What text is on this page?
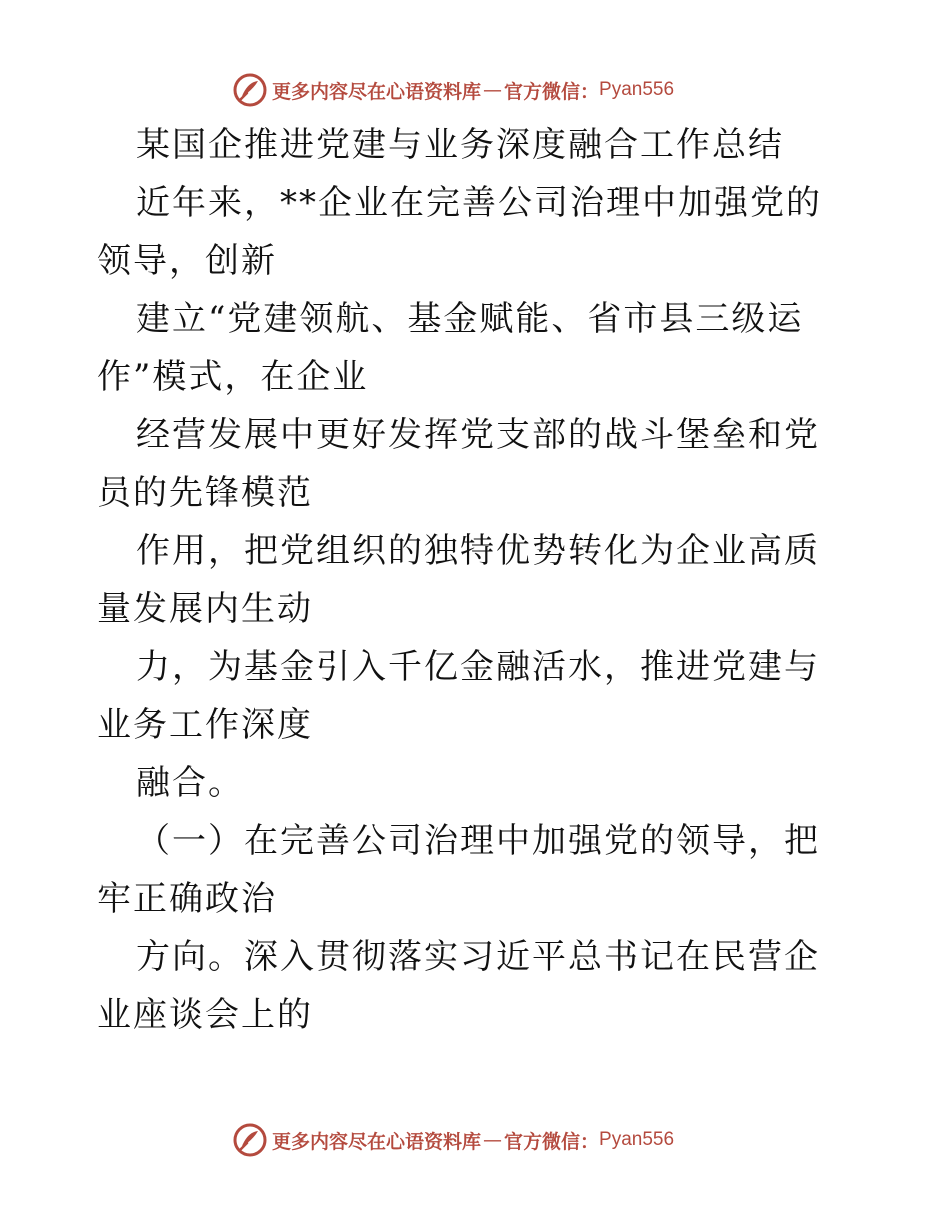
更多内容尽在心语资料库 — 官方微信： Pyan556

某国企推进党建与业务深度融合工作总结

近年来，**企业在完善公司治理中加强党的领导，创新

建立“党建领航、基金赋能、省市县三级运作”模式，在企业

经营发展中更好发挥党支部的战斗堡垒和党员的先锋模范

作用，把党组织的独特优势转化为企业高质量发展内生动

力，为基金引入千亿金融活水，推进党建与业务工作深度

融合。

（一）在完善公司治理中加强党的领导，把牢正确政治

方向。深入贯彻落实习近平总书记在民营企业座谈会上的

更多内容尽在心语资料库 — 官方微信： Pyan556
